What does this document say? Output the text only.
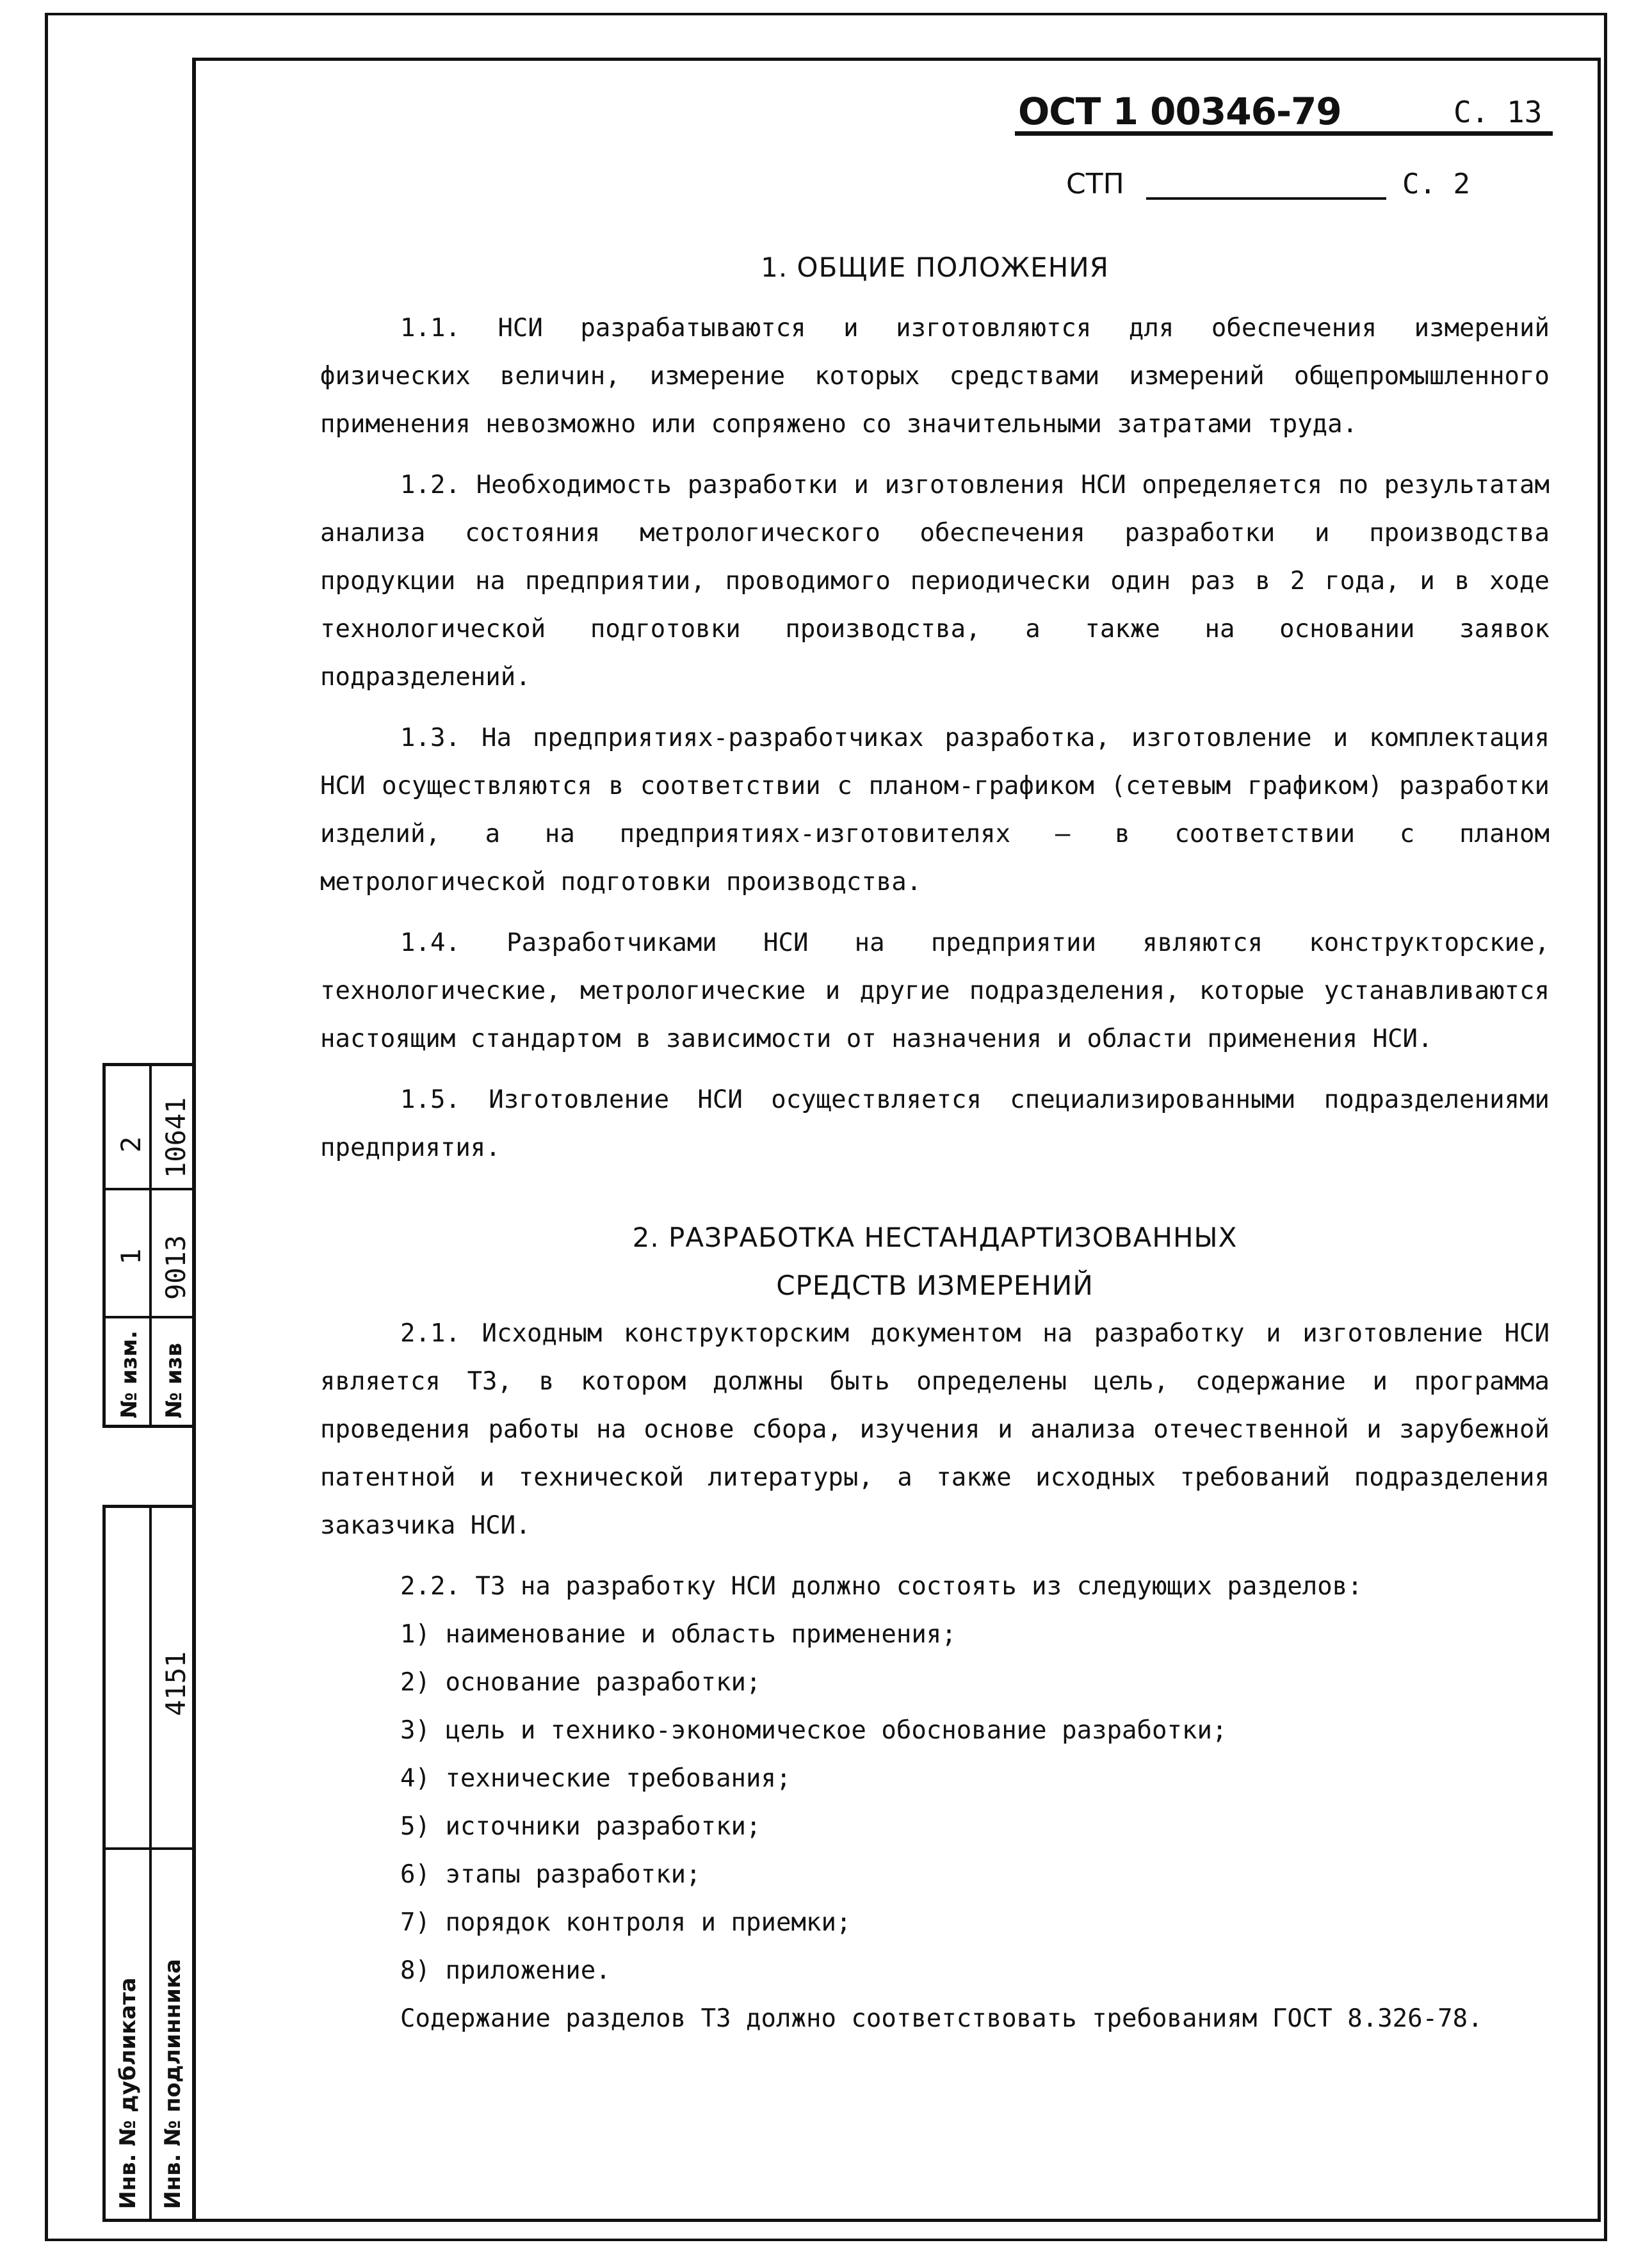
№ изм. № изв
1 9013
2 10641
Инв. № дубликата Инв. № подлинника
4151
ОСТ 1 00346-79	С. 13
СТП	С. 2
1. ОБЩИЕ ПОЛОЖЕНИЯ

1.1. НСИ разрабатываются и изготовляются для обеспечения измерений физических величин, измерение которых средствами измерений общепромышленного применения невозможно или сопряжено со значительными затратами труда.

1.2. Необходимость разработки и изготовления НСИ определяется по результатам анализа состояния метрологического обеспечения разработки и производства продукции на предприятии, проводимого периодически один раз в 2 года, и в ходе технологической подготовки производства, а также на основании заявок подразделений.

1.3. На предприятиях-разработчиках разработка, изготовление и комплектация НСИ осуществляются в соответствии с планом-графиком (сетевым графиком) разработки изделий, а на предприятиях-изготовителях – в соответствии с планом метрологической подготовки производства.

1.4. Разработчиками НСИ на предприятии являются конструкторские, технологические, метрологические и другие подразделения, которые устанавливаются настоящим стандартом в зависимости от назначения и области применения НСИ.

1.5. Изготовление НСИ осуществляется специализированными подразделениями предприятия.

2. РАЗРАБОТКА НЕСТАНДАРТИЗОВАННЫХ
СРЕДСТВ ИЗМЕРЕНИЙ

2.1. Исходным конструкторским документом на разработку и изготовление НСИ является ТЗ, в котором должны быть определены цель, содержание и программа проведения работы на основе сбора, изучения и анализа отечественной и зарубежной патентной и технической литературы, а также исходных требований подразделения заказчика НСИ.

2.2. ТЗ на разработку НСИ должно состоять из следующих разделов:

1) наименование и область применения;

2) основание разработки;

3) цель и технико-экономическое обоснование разработки;

4) технические требования;

5) источники разработки;

6) этапы разработки;

7) порядок контроля и приемки;

8) приложение.

Содержание разделов ТЗ должно соответствовать требованиям ГОСТ 8.326-78.
